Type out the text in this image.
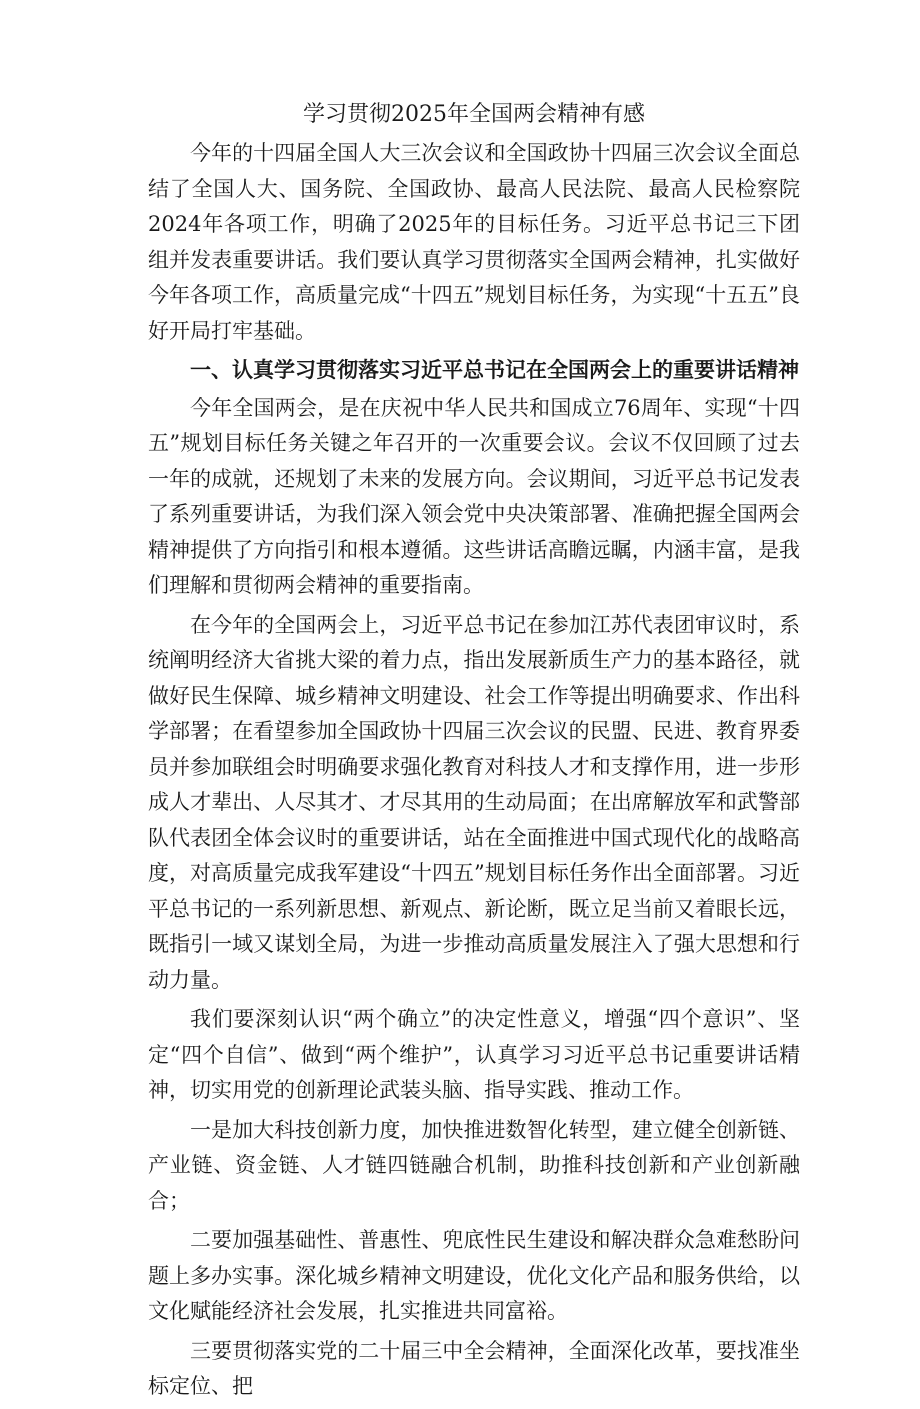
学习贯彻2025年全国两会精神有感

今年的十四届全国人大三次会议和全国政协十四届三次会议全面总结了全国人大、国务院、全国政协、最高人民法院、最高人民检察院2024年各项工作，明确了2025年的目标任务。习近平总书记三下团组并发表重要讲话。我们要认真学习贯彻落实全国两会精神，扎实做好今年各项工作，高质量完成“十四五”规划目标任务，为实现“十五五”良好开局打牢基础。

一、认真学习贯彻落实习近平总书记在全国两会上的重要讲话精神

今年全国两会，是在庆祝中华人民共和国成立76周年、实现“十四五”规划目标任务关键之年召开的一次重要会议。会议不仅回顾了过去一年的成就，还规划了未来的发展方向。会议期间，习近平总书记发表了系列重要讲话，为我们深入领会党中央决策部署、准确把握全国两会精神提供了方向指引和根本遵循。这些讲话高瞻远瞩，内涵丰富，是我们理解和贯彻两会精神的重要指南。

在今年的全国两会上，习近平总书记在参加江苏代表团审议时，系统阐明经济大省挑大梁的着力点，指出发展新质生产力的基本路径，就做好民生保障、城乡精神文明建设、社会工作等提出明确要求、作出科学部署；在看望参加全国政协十四届三次会议的民盟、民进、教育界委员并参加联组会时明确要求强化教育对科技人才和支撑作用，进一步形成人才辈出、人尽其才、才尽其用的生动局面；在出席解放军和武警部队代表团全体会议时的重要讲话，站在全面推进中国式现代化的战略高度，对高质量完成我军建设“十四五”规划目标任务作出全面部署。习近平总书记的一系列新思想、新观点、新论断，既立足当前又着眼长远，既指引一域又谋划全局，为进一步推动高质量发展注入了强大思想和行动力量。

我们要深刻认识“两个确立”的决定性意义，增强“四个意识”、坚定“四个自信”、做到“两个维护”，认真学习习近平总书记重要讲话精神，切实用党的创新理论武装头脑、指导实践、推动工作。

一是加大科技创新力度，加快推进数智化转型，建立健全创新链、产业链、资金链、人才链四链融合机制，助推科技创新和产业创新融合；

二要加强基础性、普惠性、兜底性民生建设和解决群众急难愁盼问题上多办实事。深化城乡精神文明建设，优化文化产品和服务供给，以文化赋能经济社会发展，扎实推进共同富裕。

三要贯彻落实党的二十届三中全会精神，全面深化改革，要找准坐标定位、把
